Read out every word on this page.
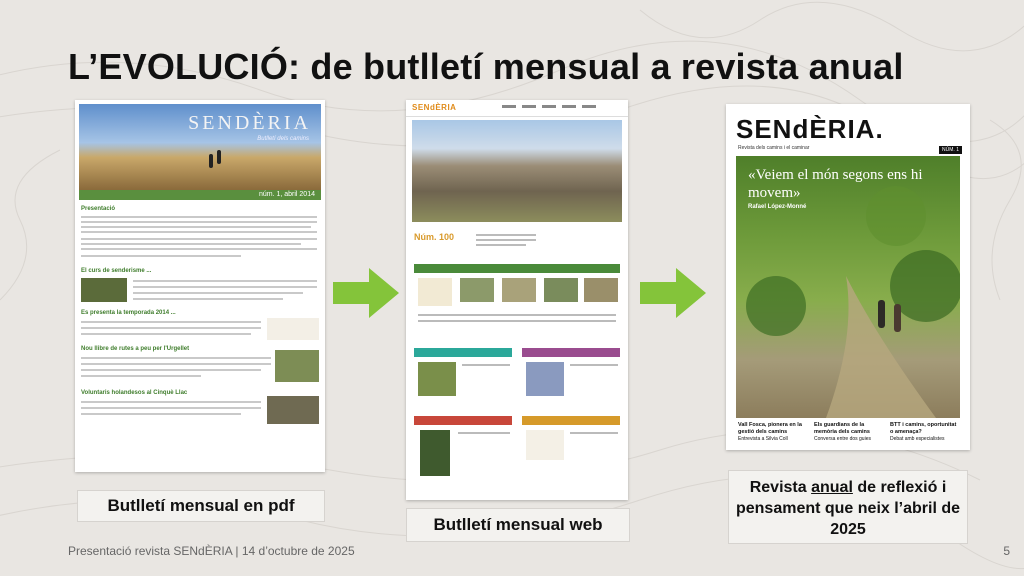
L’EVOLUCIÓ: de butlletí mensual a revista anual
SENDÈRIA
Butlletí dels camins
núm. 1, abril 2014
Presentació
El curs de senderisme ...
Es presenta la temporada 2014 ...
Nou llibre de rutes a peu per l'Urgellet
Voluntaris holandesos al Cinquè Llac
Butlletí mensual en pdf
SENdÈRIA
Núm. 100
Butlletí mensual web
SENdÈRIA.
Revista dels camins i el caminar	NÚM. 1
«Veiem el món segons ens hi movem»
Rafael López-Monné
Vall Fosca, pionera en la gestió dels camins
Entrevista a Silvia Coll
Els guardians de la memòria dels camins
Conversa entre dos guies
BTT i camins, oportunitat o amenaça?
Debat amb especialistes
Revista anual de reflexió i pensament que neix l’abril de 2025
Presentació revista SENdÈRIA | 14 d’octubre de 2025	5
